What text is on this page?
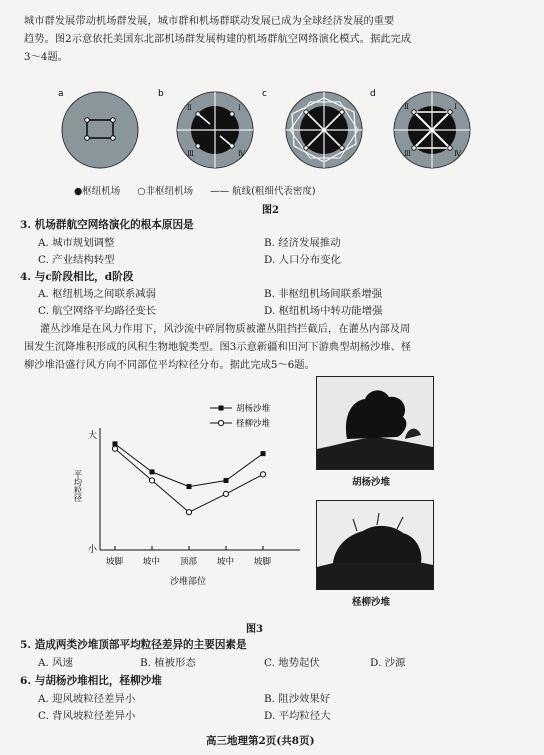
城市群发展带动机场群发展，城市群和机场群联动发展已成为全球经济发展的重要
趋势。图2示意依托美国东北部机场群发展构建的机场群航空网络演化模式。据此完成
3～4题。
a	b
Ⅱ	Ⅰ
Ⅲ	Ⅳ
c	d
Ⅱ	Ⅰ
Ⅲ	Ⅳ
●枢纽机场 ○非枢纽机场 —— 航线(粗细代表密度)
图2
3. 机场群航空网络演化的根本原因是
A. 城市规划调整	B. 经济发展推动
C. 产业结构转型	D. 人口分布变化
4. 与c阶段相比，d阶段
A. 枢纽机场之间联系减弱	B. 非枢纽机场间联系增强
C. 航空网络平均路径变长	D. 枢纽机场中转功能增强
灌丛沙堆是在风力作用下，风沙流中碎屑物质被灌丛阻挡拦截后，在灌丛内部及周
围发生沉降堆积形成的风积生物地貌类型。图3示意新疆和田河下游典型胡杨沙堆、柽
柳沙堆沿盛行风方向不同部位平均粒径分布。据此完成5～6题。
大
小
平均粒径
坡脚 坡中 顶部 坡中 坡脚
沙堆部位
胡杨沙堆
柽柳沙堆
胡杨沙堆
柽柳沙堆
图3
5. 造成两类沙堆顶部平均粒径差异的主要因素是
A. 风速	B. 植被形态	C. 地势起伏	D. 沙源
6. 与胡杨沙堆相比，柽柳沙堆
A. 迎风坡粒径差异小	B. 阻沙效果好
C. 背风坡粒径差异小	D. 平均粒径大
高三地理第2页(共8页)
